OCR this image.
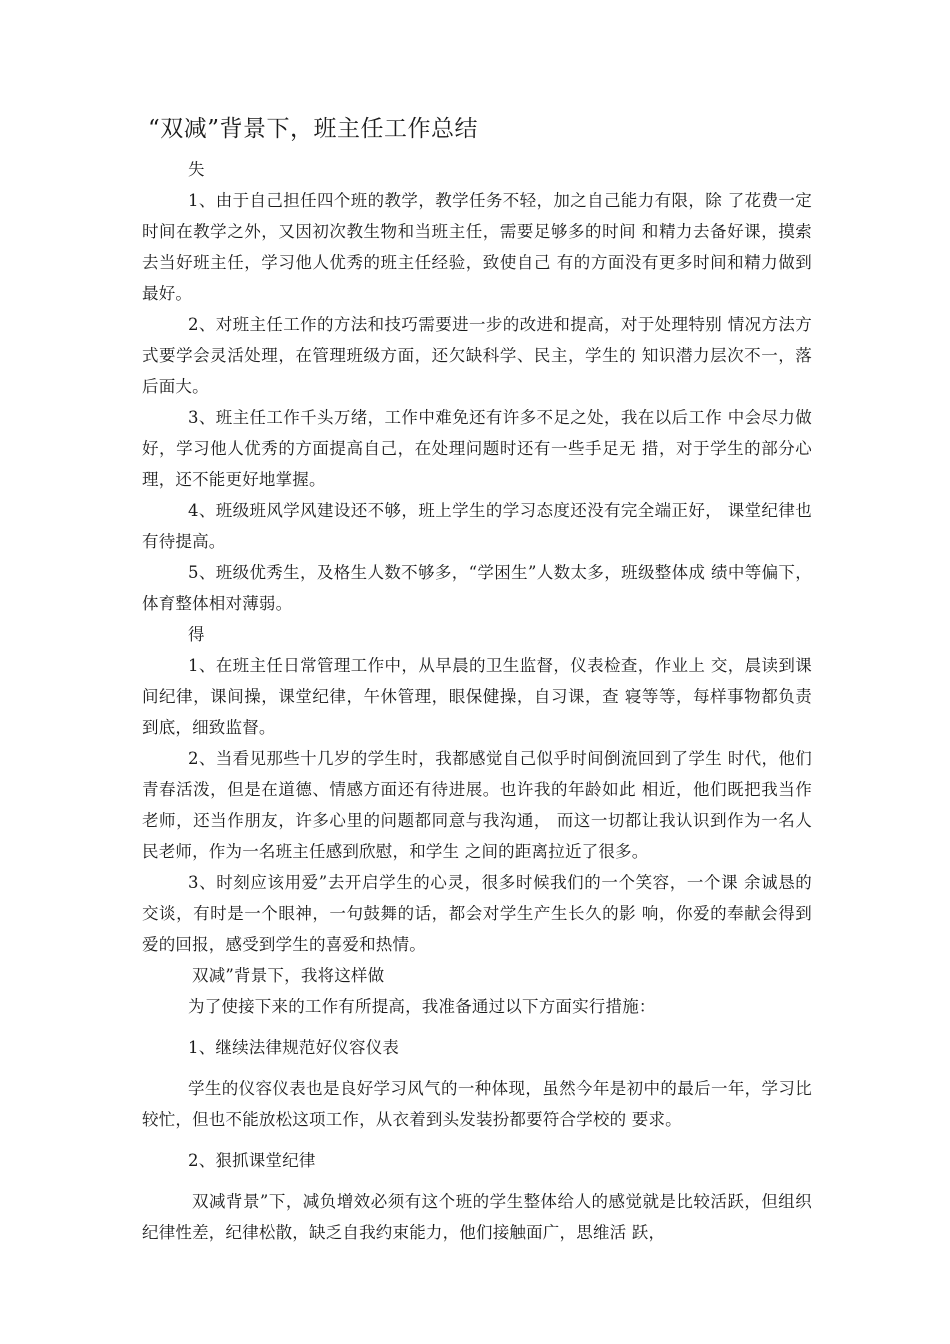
“双减”背景下，班主任工作总结

失

1、由于自己担任四个班的教学，教学任务不轻，加之自己能力有限，除 了花费一定时间在教学之外，又因初次教生物和当班主任，需要足够多的时间 和精力去备好课，摸索去当好班主任，学习他人优秀的班主任经验，致使自己 有的方面没有更多时间和精力做到最好。

2、对班主任工作的方法和技巧需要进一步的改进和提高，对于处理特别 情况方法方式要学会灵活处理，在管理班级方面，还欠缺科学、民主，学生的 知识潜力层次不一，落后面大。

3、班主任工作千头万绪，工作中难免还有许多不足之处，我在以后工作 中会尽力做好，学习他人优秀的方面提高自己，在处理问题时还有一些手足无 措，对于学生的部分心理，还不能更好地掌握。

4、班级班风学风建设还不够，班上学生的学习态度还没有完全端正好， 课堂纪律也有待提高。

5、班级优秀生，及格生人数不够多，“学困生”人数太多，班级整体成 绩中等偏下，体育整体相对薄弱。

得

1、在班主任日常管理工作中，从早晨的卫生监督，仪表检查，作业上 交，晨读到课间纪律，课间操，课堂纪律，午休管理，眼保健操，自习课，查 寝等等，每样事物都负责到底，细致监督。

2、当看见那些十几岁的学生时，我都感觉自己似乎时间倒流回到了学生 时代，他们青春活泼，但是在道德、情感方面还有待进展。也许我的年龄如此 相近，他们既把我当作老师，还当作朋友，许多心里的问题都同意与我沟通， 而这一切都让我认识到作为一名人民老师，作为一名班主任感到欣慰，和学生 之间的距离拉近了很多。

3、时刻应该用爱”去开启学生的心灵，很多时候我们的一个笑容，一个课 余诚恳的交谈，有时是一个眼神，一句鼓舞的话，都会对学生产生长久的影 响，你爱的奉献会得到爱的回报，感受到学生的喜爱和热情。

双减”背景下，我将这样做

为了使接下来的工作有所提高，我准备通过以下方面实行措施：

1、继续法律规范好仪容仪表

学生的仪容仪表也是良好学习风气的一种体现，虽然今年是初中的最后一年，学习比较忙，但也不能放松这项工作，从衣着到头发装扮都要符合学校的 要求。

2、狠抓课堂纪律

双减背景”下，减负增效必须有这个班的学生整体给人的感觉就是比较活跃，但组织纪律性差，纪律松散，缺乏自我约束能力，他们接触面广，思维活 跃，
